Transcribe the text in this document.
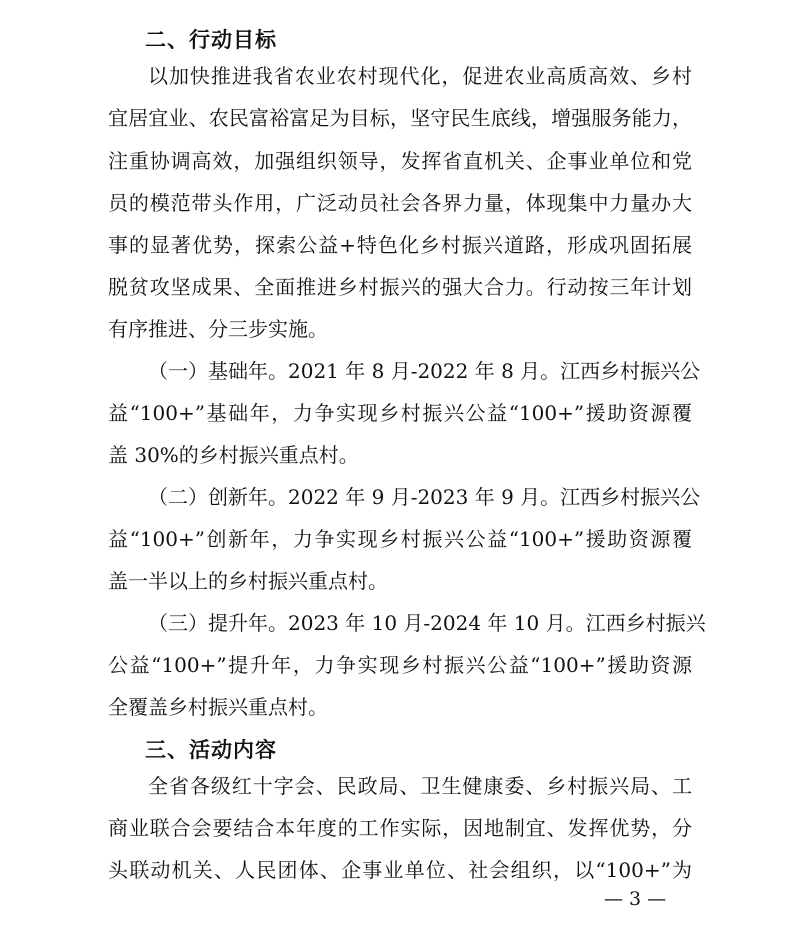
二、行动目标
以加快推进我省农业农村现代化，促进农业高质高效、乡村
宜居宜业、农民富裕富足为目标，坚守民生底线，增强服务能力，
注重协调高效，加强组织领导，发挥省直机关、企事业单位和党
员的模范带头作用，广泛动员社会各界力量，体现集中力量办大
事的显著优势，探索公益+特色化乡村振兴道路，形成巩固拓展
脱贫攻坚成果、全面推进乡村振兴的强大合力。行动按三年计划
有序推进、分三步实施。
（一）基础年。2021 年 8 月-2022 年 8 月。江西乡村振兴公
益“100+”基础年，力争实现乡村振兴公益“100+”援助资源覆
盖 30%的乡村振兴重点村。
（二）创新年。2022 年 9 月-2023 年 9 月。江西乡村振兴公
益“100+”创新年，力争实现乡村振兴公益“100+”援助资源覆
盖一半以上的乡村振兴重点村。
（三）提升年。2023 年 10 月-2024 年 10 月。江西乡村振兴
公益“100+”提升年，力争实现乡村振兴公益“100+”援助资源
全覆盖乡村振兴重点村。
三、活动内容
全省各级红十字会、民政局、卫生健康委、乡村振兴局、工
商业联合会要结合本年度的工作实际，因地制宜、发挥优势，分
头联动机关、人民团体、企事业单位、社会组织，以“100+”为
— 3 —
